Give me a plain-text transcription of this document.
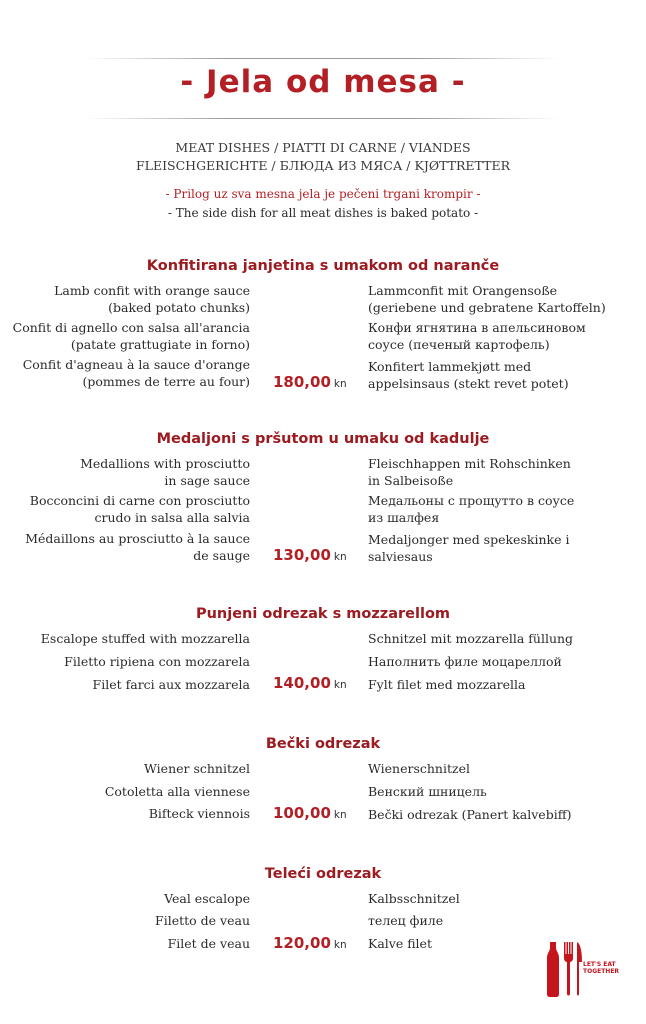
- Jela od mesa -
MEAT DISHES / PIATTI DI CARNE / VIANDES
FLEISCHGERICHTE / БЛЮДА ИЗ МЯСА / KJØTTRETTER
- Prilog uz sva mesna jela je pečeni trgani krompir -
- The side dish for all meat dishes is baked potato -
Konfitirana janjetina s umakom od naranče
Lamb confit with orange sauce
(baked potato chunks)
Confit di agnello con salsa all'arancia
(patate grattugiate in forno)
Confit d'agneau à la sauce d'orange
(pommes de terre au four)
Lammconfit mit Orangensoße
(geriebene und gebratene Kartoffeln)
Конфи ягнятина в апельсиновом
соусе (печеный картофель)
Konfitert lammekjøtt med
appelsinsaus (stekt revet potet)
180,00 kn
Medaljoni s pršutom u umaku od kadulje
Medallions with prosciutto
in sage sauce
Bocconcini di carne con prosciutto
crudo in salsa alla salvia
Médaillons au prosciutto à la sauce
de sauge
Fleischhappen mit Rohschinken
in Salbeisoße
Медальоны с прощутто в соусе
из шалфея
Medaljonger med spekeskinke i
salviesaus
130,00 kn
Punjeni odrezak s mozzarellom
Escalope stuffed with mozzarella
Filetto ripiena con mozzarela
Filet farci aux mozzarela
Schnitzel mit mozzarella füllung
Наполнить филе моцареллой
Fylt filet med mozzarella
140,00 kn
Bečki odrezak
Wiener schnitzel
Cotoletta alla viennese
Bifteck viennois
Wienerschnitzel
Венский шницель
Bečki odrezak (Panert kalvebiff)
100,00 kn
Teleći odrezak
Veal escalope
Filetto de veau
Filet de veau
Kalbsschnitzel
телец филе
Kalve filet
120,00 kn
LET'S EAT
TOGETHER
